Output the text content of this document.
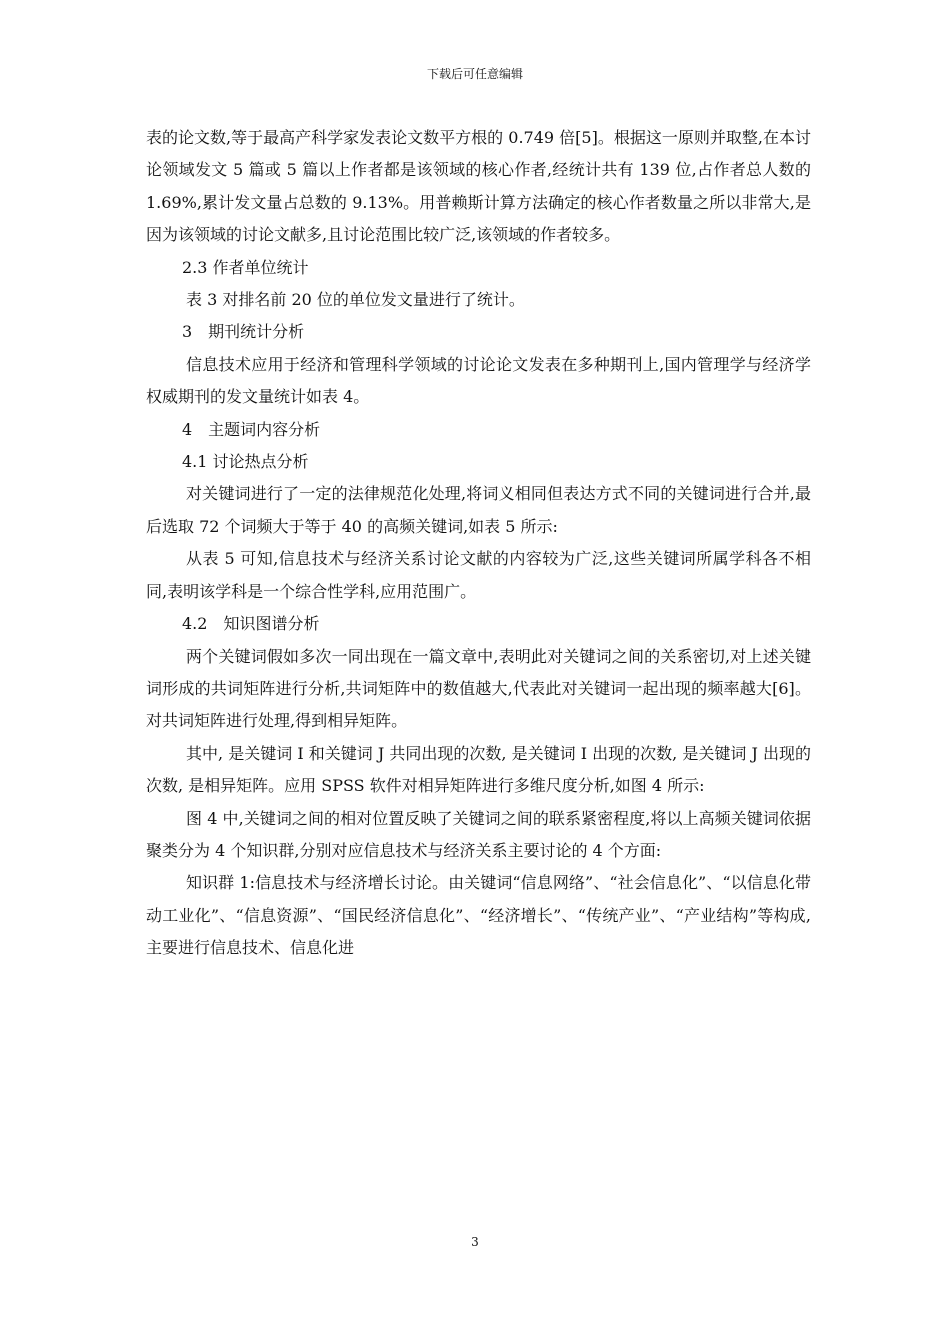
下载后可任意编辑

表的论文数,等于最高产科学家发表论文数平方根的 0.749 倍[5]。根据这一原则并取整,在本讨论领域发文 5 篇或 5 篇以上作者都是该领域的核心作者,经统计共有 139 位,占作者总人数的 1.69%,累计发文量占总数的 9.13%。用普赖斯计算方法确定的核心作者数量之所以非常大,是因为该领域的讨论文献多,且讨论范围比较广泛,该领域的作者较多。

2.3 作者单位统计

表 3 对排名前 20 位的单位发文量进行了统计。

3　期刊统计分析

信息技术应用于经济和管理科学领域的讨论论文发表在多种期刊上,国内管理学与经济学权威期刊的发文量统计如表 4。

4　主题词内容分析

4.1 讨论热点分析

对关键词进行了一定的法律规范化处理,将词义相同但表达方式不同的关键词进行合并,最后选取 72 个词频大于等于 40 的高频关键词,如表 5 所示:

从表 5 可知,信息技术与经济关系讨论文献的内容较为广泛,这些关键词所属学科各不相同,表明该学科是一个综合性学科,应用范围广。

4.2　知识图谱分析

两个关键词假如多次一同出现在一篇文章中,表明此对关键词之间的关系密切,对上述关键词形成的共词矩阵进行分析,共词矩阵中的数值越大,代表此对关键词一起出现的频率越大[6]。对共词矩阵进行处理,得到相异矩阵。

其中, 是关键词 I 和关键词 J 共同出现的次数, 是关键词 I 出现的次数, 是关键词 J 出现的次数, 是相异矩阵。应用 SPSS 软件对相异矩阵进行多维尺度分析,如图 4 所示:

图 4 中,关键词之间的相对位置反映了关键词之间的联系紧密程度,将以上高频关键词依据聚类分为 4 个知识群,分别对应信息技术与经济关系主要讨论的 4 个方面:

知识群 1:信息技术与经济增长讨论。由关键词“信息网络”、“社会信息化”、“以信息化带动工业化”、“信息资源”、“国民经济信息化”、“经济增长”、“传统产业”、“产业结构”等构成,主要进行信息技术、信息化进

3
